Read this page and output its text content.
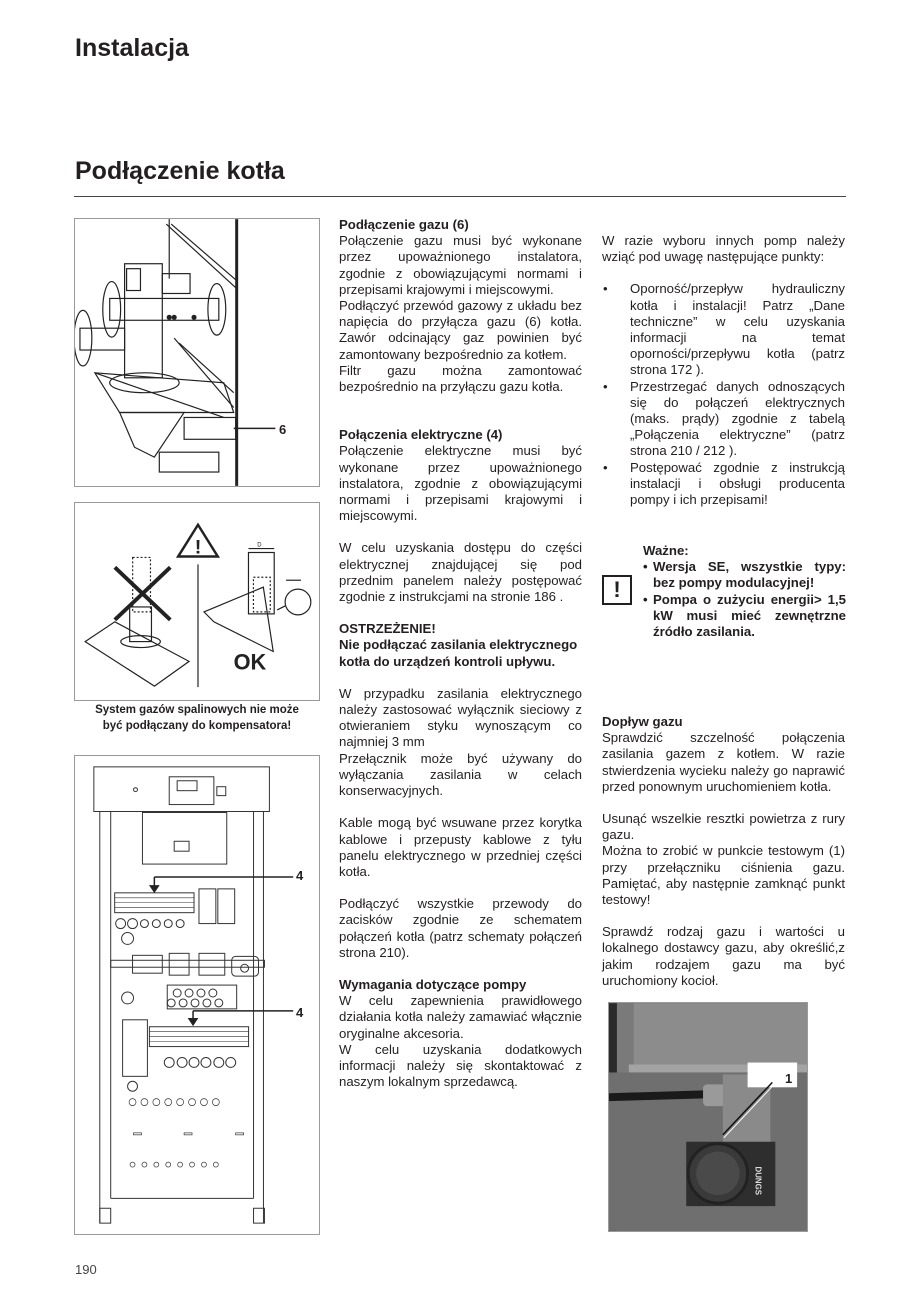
Instalacja
Podłączenie kotła
6
!	D
OK
System gazów spalinowych nie może
być podłączany do kompensatora!
4
4

Podłączenie gazu (6)

Połączenie gazu musi być wykonane przez upoważnionego instalatora, zgodnie z obowiązującymi normami i przepisami krajowymi i miejscowymi.

Podłączyć przewód gazowy z układu bez napięcia do przyłącza gazu (6) kotła. Zawór odcinający gaz powinien być zamontowany bezpośrednio za kotłem.

Filtr gazu można zamontować bezpośrednio na przyłączu gazu kotła.

Połączenia elektryczne (4)

Połączenie elektryczne musi być wykonane przez upoważnionego instalatora, zgodnie z obowiązującymi normami i przepisami krajowymi i miejscowymi.

W celu uzyskania dostępu do części elektrycznej znajdującej się pod przednim panelem należy postępować zgodnie z instrukcjami na stronie 186 .

OSTRZEŻENIE!

Nie podłączać zasilania elektrycznego kotła do urządzeń kontroli upływu.

W przypadku zasilania elektrycznego należy zastosować wyłącznik sieciowy z otwieraniem styku wynoszącym co najmniej 3 mm

Przełącznik może być używany do wyłączania zasilania w celach konserwacyjnych.

Kable mogą być wsuwane przez korytka kablowe i przepusty kablowe z tyłu panelu elektrycznego w przedniej części kotła.

Podłączyć wszystkie przewody do zacisków zgodnie ze schematem połączeń kotła (patrz schematy połączeń strona 210).

Wymagania dotyczące pompy

W celu zapewnienia prawidłowego działania kotła należy zamawiać włącznie oryginalne akcesoria.

W celu uzyskania dodatkowych informacji należy się skontaktować z naszym lokalnym sprzedawcą.

W razie wyboru innych pomp należy wziąć pod uwagę następujące punkty:

• Oporność/przepływ hydrauliczny kotła i instalacji! Patrz „Dane techniczne” w celu uzyskania informacji na temat oporności/przepływu kotła (patrz strona 172 ).
• Przestrzegać danych odnoszących się do połączeń elektrycznych (maks. prądy) zgodnie z tabelą „Połączenia elektryczne” (patrz strona 210 / 212 ).
• Postępować zgodnie z instrukcją instalacji i obsługi producenta pompy i ich przepisami!
!
Ważne:
• Wersja SE, wszystkie typy: bez pompy modulacyjnej!
• Pompa o zużyciu energii> 1,5 kW musi mieć zewnętrzne źródło zasilania.

Dopływ gazu

Sprawdzić szczelność połączenia zasilania gazem z kotłem. W razie stwierdzenia wycieku należy go naprawić przed ponownym uruchomieniem kotła.

Usunąć wszelkie resztki powietrza z rury gazu.

Można to zrobić w punkcie testowym (1) przy przełączniku ciśnienia gazu. Pamiętać, aby następnie zamknąć punkt testowy!

Sprawdź rodzaj gazu i wartości u lokalnego dostawcy gazu, aby określić,z jakim rodzajem gazu ma być uruchomiony kocioł.

DUNGS
1
190
